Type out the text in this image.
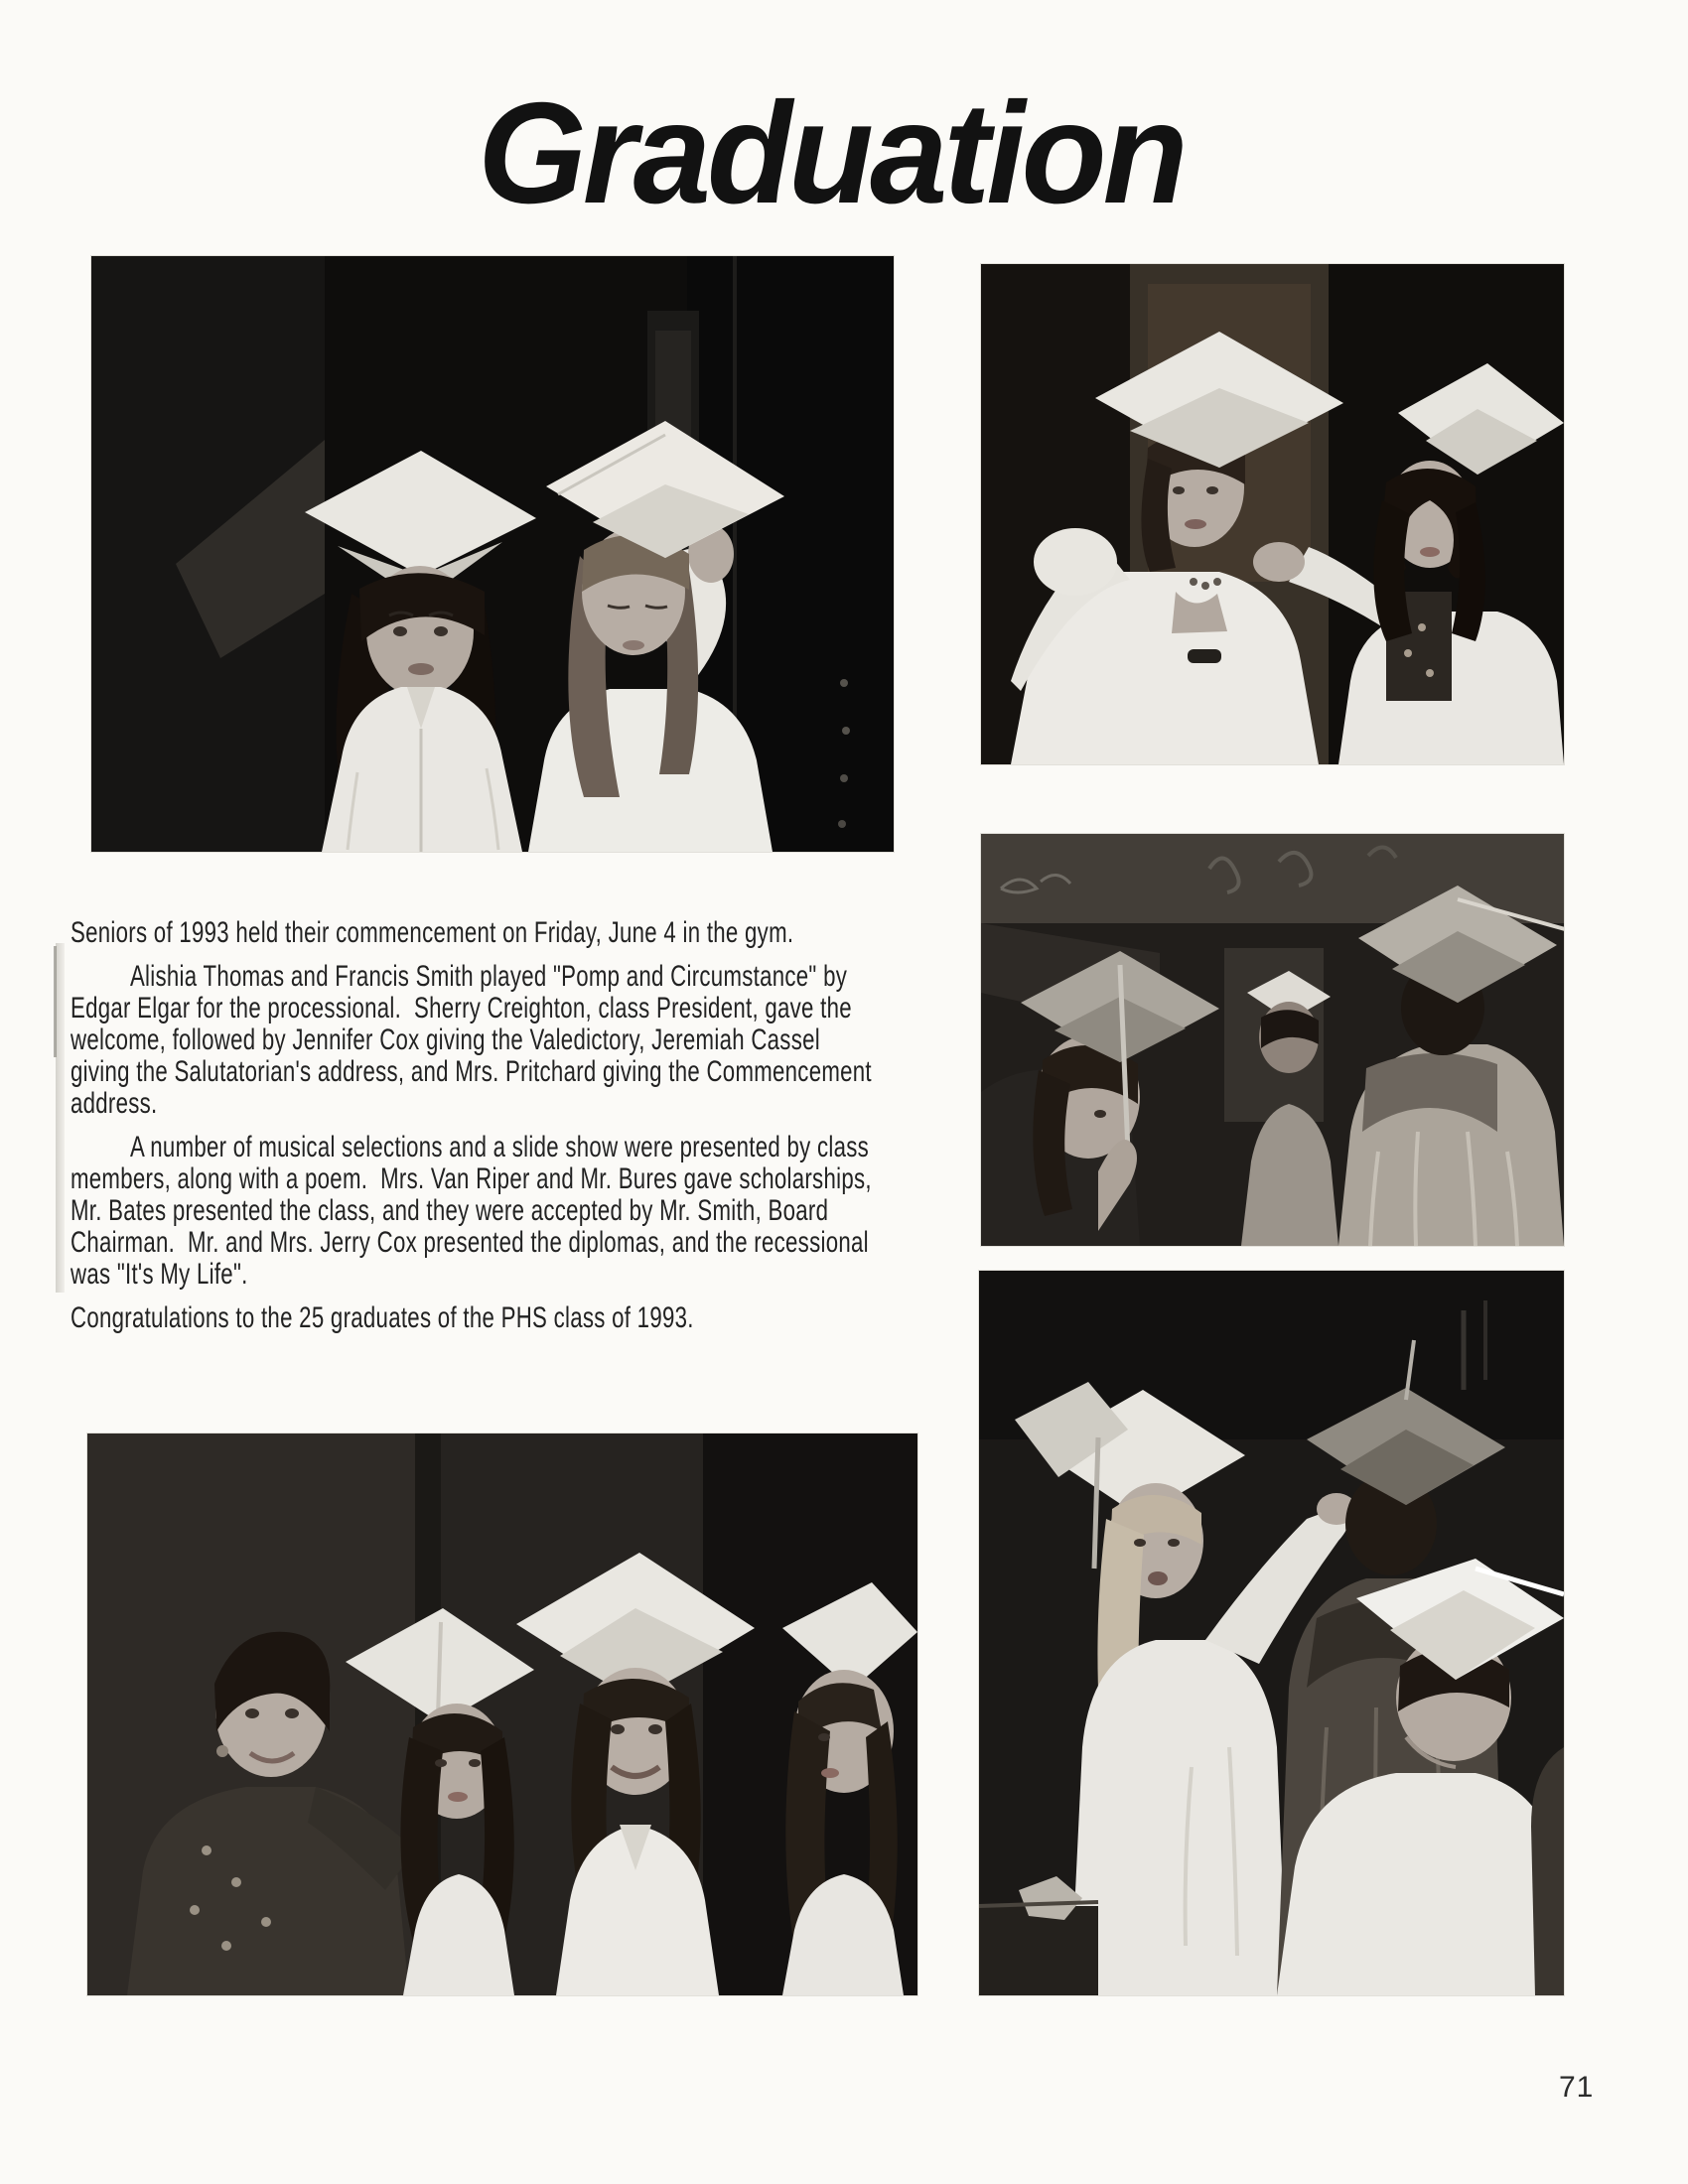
Graduation

Seniors of 1993 held their commencement on Friday, June 4 in the gym.

Alishia Thomas and Francis Smith played "Pomp and Circumstance" by
Edgar Elgar for the processional.  Sherry Creighton, class President, gave the
welcome, followed by Jennifer Cox giving the Valedictory, Jeremiah Cassel
giving the Salutatorian's address, and Mrs. Pritchard giving the Commencement
address.

A number of musical selections and a slide show were presented by class
members, along with a poem.  Mrs. Van Riper and Mr. Bures gave scholarships,
Mr. Bates presented the class, and they were accepted by Mr. Smith, Board
Chairman.  Mr. and Mrs. Jerry Cox presented the diplomas, and the recessional
was "It's My Life".

Congratulations to the 25 graduates of the PHS class of 1993.

71
